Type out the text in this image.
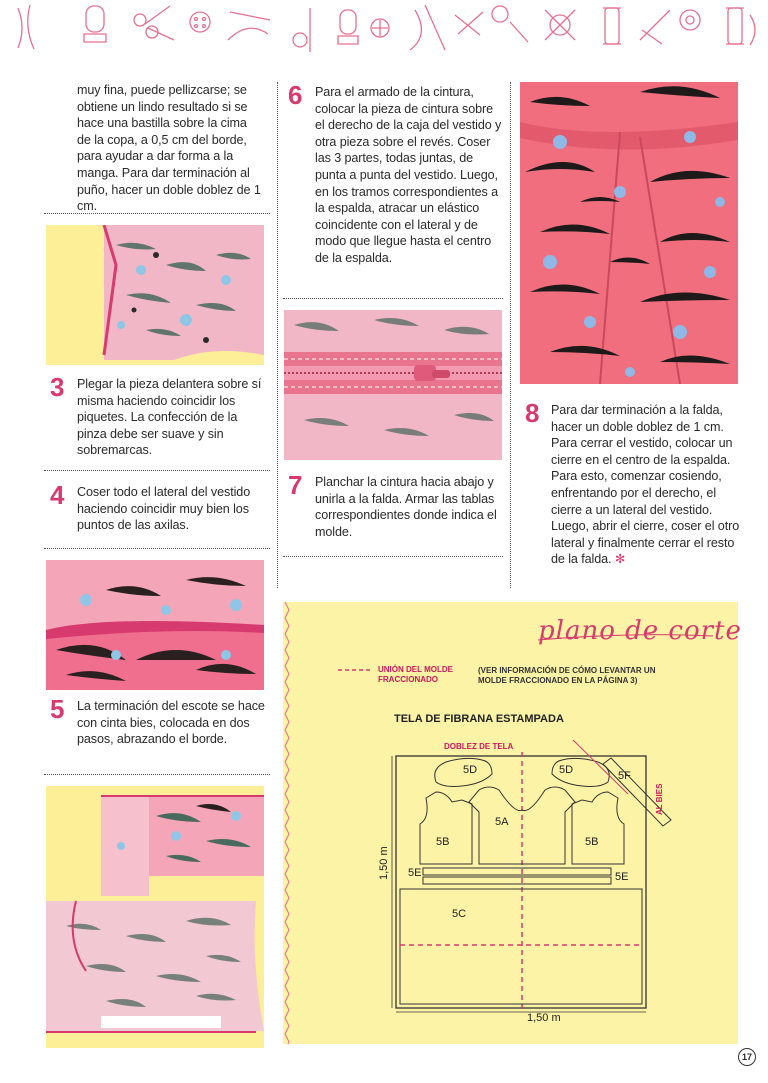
muy fina, puede pellizcarse; se obtiene un lindo resultado si se hace una bastilla sobre la cima de la copa, a 0,5 cm del borde, para ayudar a dar forma a la manga. Para dar terminación al puño, hacer un doble doblez de 1 cm.
3 Plegar la pieza delantera sobre sí misma haciendo coincidir los piquetes. La confección de la pinza debe ser suave y sin sobremarcas.
4 Coser todo el lateral del vestido haciendo coincidir muy bien los puntos de las axilas.
5 La terminación del escote se hace con cinta bies, colocada en dos pasos, abrazando el borde.
6 Para el armado de la cintura, colocar la pieza de cintura sobre el derecho de la caja del vestido y otra pieza sobre el revés. Coser las 3 partes, todas juntas, de punta a punta del vestido. Luego, en los tramos correspondientes a la espalda, atracar un elástico coincidente con el lateral y de modo que llegue hasta el centro de la espalda.
7 Planchar la cintura hacia abajo y unirla a la falda. Armar las tablas correspondientes donde indica el molde.
8 Para dar terminación a la falda, hacer un doble doblez de 1 cm. Para cerrar el vestido, colocar un cierre en el centro de la espalda. Para esto, comenzar cosiendo, enfrentando por el derecho, el cierre a un lateral del vestido. Luego, abrir el cierre, coser el otro lateral y finalmente cerrar el resto de la falda. ✻
plano de corte
UNIÓN DEL MOLDE FRACCIONADO
(VER INFORMACIÓN DE CÓMO LEVANTAR UN MOLDE FRACCIONADO EN LA PÁGINA 3)
TELA DE FIBRANA ESTAMPADA
DOBLEZ DE TELA
AL BIES
1,50 m
1,50 m
5D	5D	5F
5A
5B	5B
5E	5E
5C
17
